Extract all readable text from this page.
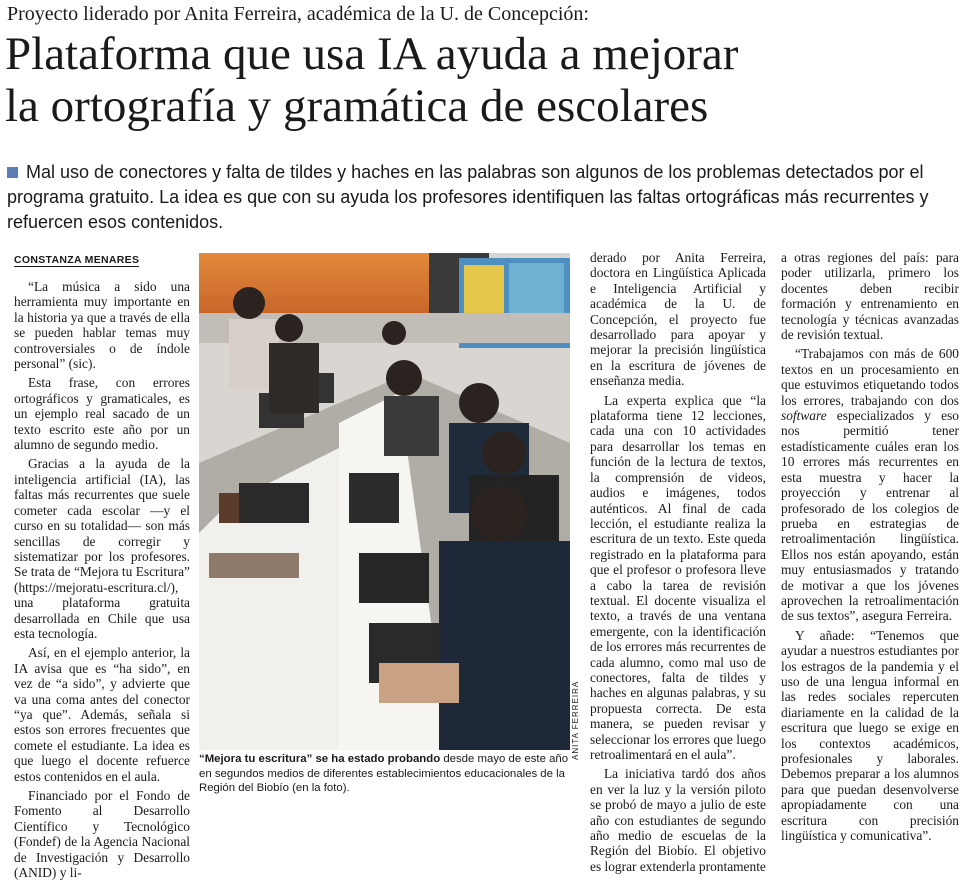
Proyecto liderado por Anita Ferreira, académica de la U. de Concepción:
Plataforma que usa IA ayuda a mejorar
la ortografía y gramática de escolares
Mal uso de conectores y falta de tildes y haches en las palabras son algunos de los problemas detectados por el programa gratuito. La idea es que con su ayuda los profesores identifiquen las faltas ortográficas más recurrentes y refuercen esos contenidos.
CONSTANZA MENARES

“La música a sido una herramienta muy importante en la historia ya que a través de ella se pueden hablar temas muy controversiales o de índole personal” (sic).

Esta frase, con errores ortográficos y gramaticales, es un ejemplo real sacado de un texto escrito este año por un alumno de segundo medio.

Gracias a la ayuda de la inteligencia artificial (IA), las faltas más recurrentes que suele cometer cada escolar —y el curso en su totalidad— son más sencillas de corregir y sistematizar por los profesores. Se trata de “Mejora tu Escritura” (https://mejoratu-escritura.cl/), una plataforma gratuita desarrollada en Chile que usa esta tecnología.

Así, en el ejemplo anterior, la IA avisa que es “ha sido”, en vez de “a sido”, y advierte que va una coma antes del conector “ya que”. Además, señala si estos son errores frecuentes que comete el estudiante. La idea es que luego el docente refuerce estos contenidos en el aula.

Financiado por el Fondo de Fomento al Desarrollo Científico y Tecnológico (Fondef) de la Agencia Nacional de Investigación y Desarrollo (ANID) y li-

ANITA FERREIRA
“Mejora tu escritura” se ha estado probando desde mayo de este año en segundos medios de diferentes establecimientos educacionales de la Región del Biobío (en la foto).

derado por Anita Ferreira, doctora en Lingüística Aplicada e Inteligencia Artificial y académica de la U. de Concepción, el proyecto fue desarrollado para apoyar y mejorar la precisión lingüística en la escritura de jóvenes de enseñanza media.

La experta explica que “la plataforma tiene 12 lecciones, cada una con 10 actividades para desarrollar los temas en función de la lectura de textos, la comprensión de videos, audios e imágenes, todos auténticos. Al final de cada lección, el estudiante realiza la escritura de un texto. Este queda registrado en la plataforma para que el profesor o profesora lleve a cabo la tarea de revisión textual. El docente visualiza el texto, a través de una ventana emergente, con la identificación de los errores más recurrentes de cada alumno, como mal uso de conectores, falta de tildes y haches en algunas palabras, y su propuesta correcta. De esta manera, se pueden revisar y seleccionar los errores que luego retroalimentará en el aula”.

La iniciativa tardó dos años en ver la luz y la versión piloto se probó de mayo a julio de este año con estudiantes de segundo año medio de escuelas de la Región del Biobío. El objetivo es lograr extenderla prontamente

a otras regiones del país: para poder utilizarla, primero los docentes deben recibir formación y entrenamiento en tecnología y técnicas avanzadas de revisión textual.

“Trabajamos con más de 600 textos en un procesamiento en que estuvimos etiquetando todos los errores, trabajando con dos software especializados y eso nos permitió tener estadísticamente cuáles eran los 10 errores más recurrentes en esta muestra y hacer la proyección y entrenar al profesorado de los colegios de prueba en estrategias de retroalimentación lingüística. Ellos nos están apoyando, están muy entusiasmados y tratando de motivar a que los jóvenes aprovechen la retroalimentación de sus textos”, asegura Ferreira.

Y añade: “Tenemos que ayudar a nuestros estudiantes por los estragos de la pandemia y el uso de una lengua informal en las redes sociales repercuten diariamente en la calidad de la escritura que luego se exige en los contextos académicos, profesionales y laborales. Debemos preparar a los alumnos para que puedan desenvolverse apropiadamente con una escritura con precisión lingüística y comunicativa”.
